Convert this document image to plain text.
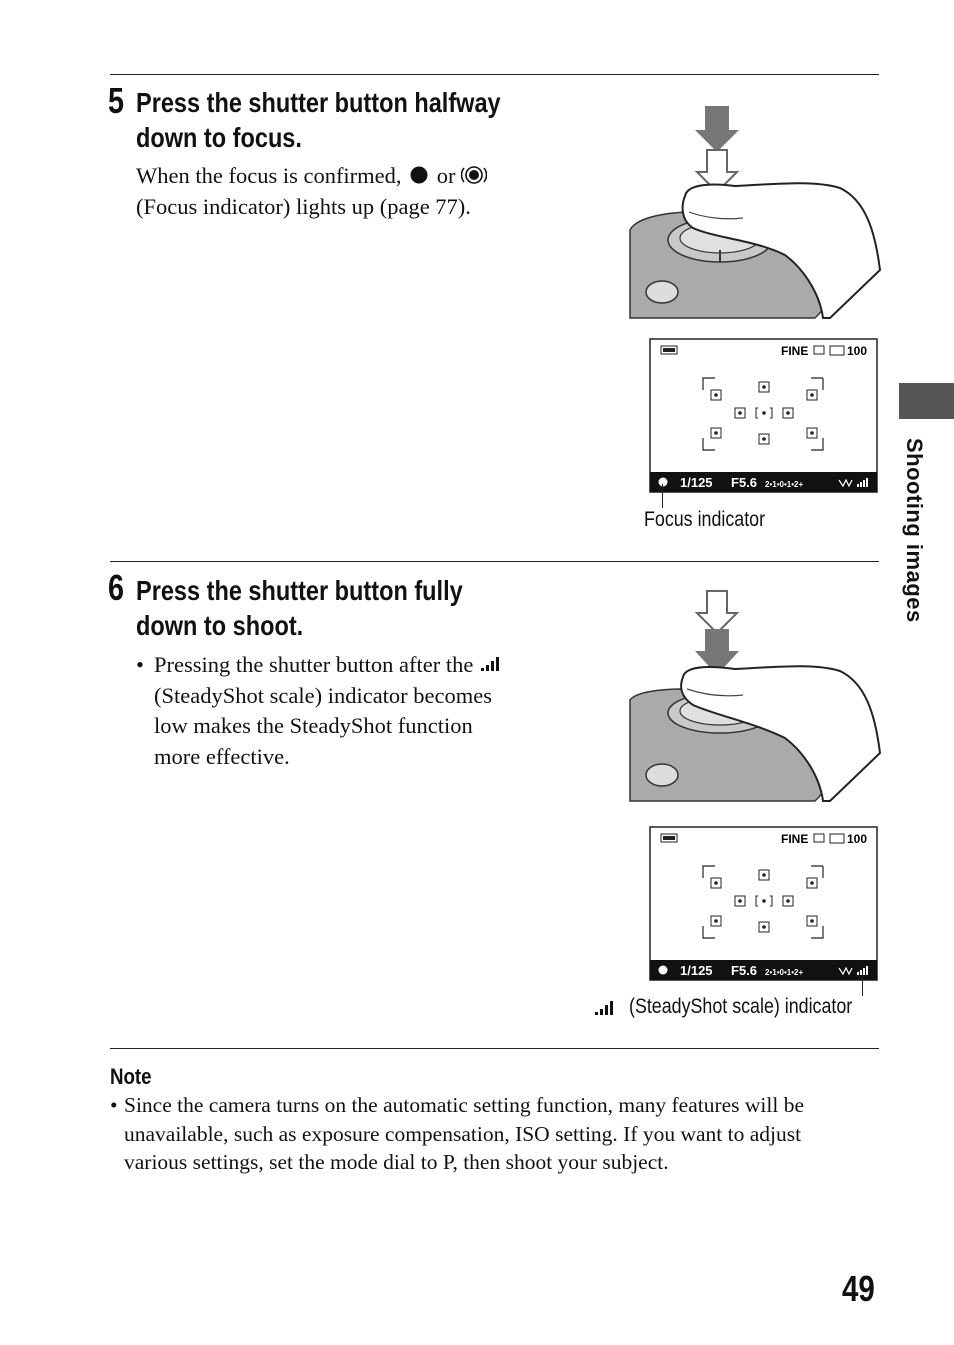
5 Press the shutter button halfway
down to focus.
When the focus is confirmed, or
(Focus indicator) lights up (page 77).
FINE	100
1/125 F5.6 2•1•0•1•2+
Focus indicator
6 Press the shutter button fully
down to shoot.
• Pressing the shutter button after the
(SteadyShot scale) indicator becomes
low makes the SteadyShot function
more effective.
FINE	100
1/125 F5.6 2•1•0•1•2+
(SteadyShot scale) indicator
Note
• Since the camera turns on the automatic setting function, many features will be
unavailable, such as exposure compensation, ISO setting. If you want to adjust
various settings, set the mode dial to P, then shoot your subject.
Shooting images
49
